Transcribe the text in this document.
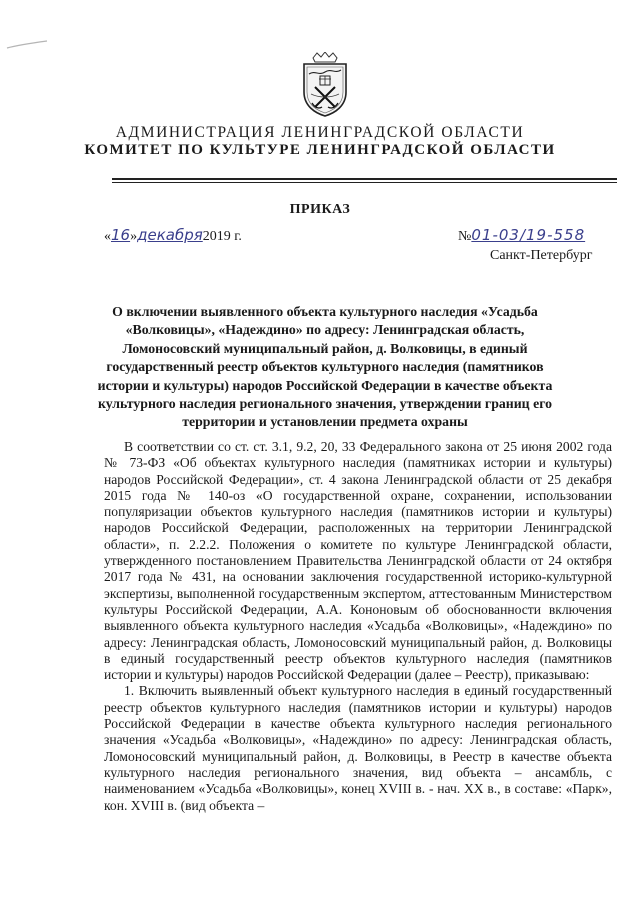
АДМИНИСТРАЦИЯ ЛЕНИНГРАДСКОЙ ОБЛАСТИ
КОМИТЕТ ПО КУЛЬТУРЕ ЛЕНИНГРАДСКОЙ ОБЛАСТИ
ПРИКАЗ
«16»декабря2019 г.	№01-03/19-558
Санкт-Петербург
О включении выявленного объекта культурного наследия «Усадьба «Волковицы», «Надеждино» по адресу: Ленинградская область, Ломоносовский муниципальный район, д. Волковицы, в единый государственный реестр объектов культурного наследия (памятников истории и культуры) народов Российской Федерации в качестве объекта культурного наследия регионального значения, утверждении границ его территории и установлении предмета охраны

В соответствии со ст. ст. 3.1, 9.2, 20, 33 Федерального закона от 25 июня 2002 года № 73-ФЗ «Об объектах культурного наследия (памятниках истории и культуры) народов Российской Федерации», ст. 4 закона Ленинградской области от 25 декабря 2015 года № 140-оз «О государственной охране, сохранении, использовании популяризации объектов культурного наследия (памятников истории и культуры) народов Российской Федерации, расположенных на территории Ленинградской области», п. 2.2.2. Положения о комитете по культуре Ленинградской области, утвержденного постановлением Правительства Ленинградской области от 24 октября 2017 года № 431, на основании заключения государственной историко-культурной экспертизы, выполненной государственным экспертом, аттестованным Министерством культуры Российской Федерации, А.А. Кононовым об обоснованности включения выявленного объекта культурного наследия «Усадьба «Волковицы», «Надеждино» по адресу: Ленинградская область, Ломоносовский муниципальный район, д. Волковицы в единый государственный реестр объектов культурного наследия (памятников истории и культуры) народов Российской Федерации (далее – Реестр), приказываю:

1. Включить выявленный объект культурного наследия в единый государственный реестр объектов культурного наследия (памятников истории и культуры) народов Российской Федерации в качестве объекта культурного наследия регионального значения «Усадьба «Волковицы», «Надеждино» по адресу: Ленинградская область, Ломоносовский муниципальный район, д. Волковицы, в Реестр в качестве объекта культурного наследия регионального значения, вид объекта – ансамбль, с наименованием «Усадьба «Волковицы», конец XVIII в. - нач. XX в., в составе: «Парк», кон. XVIII в. (вид объекта –
